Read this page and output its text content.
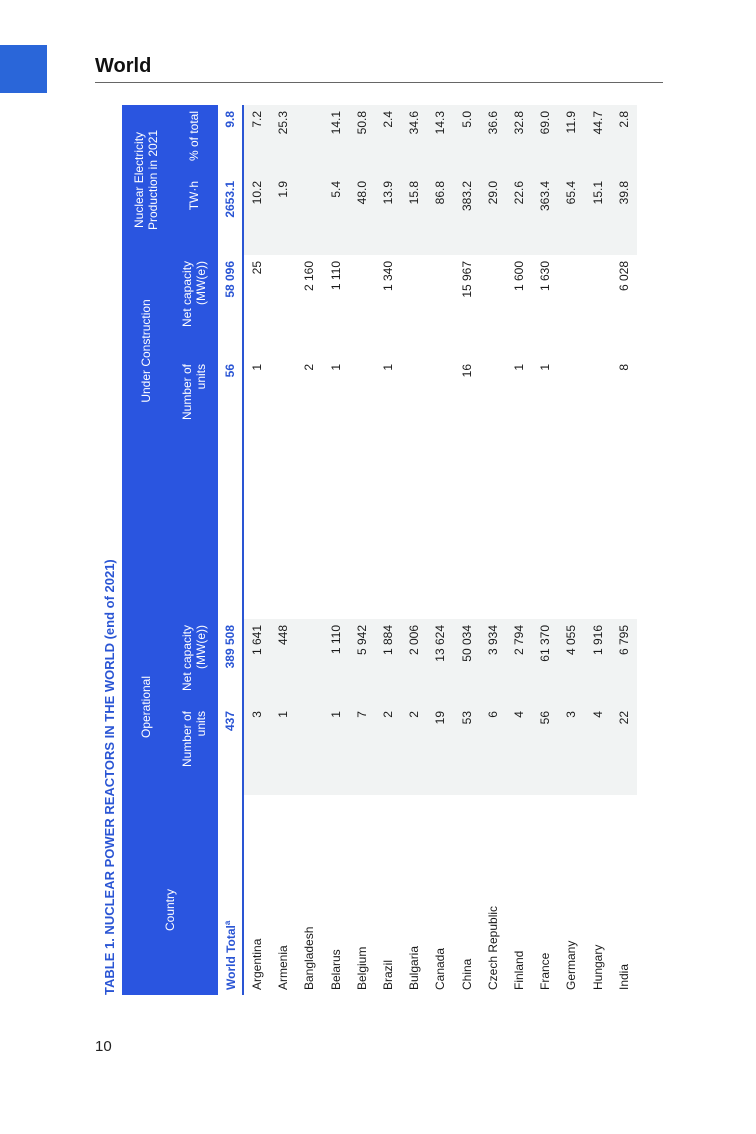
World
10
TABLE 1. NUCLEAR POWER REACTORS IN THE WORLD (end of 2021)	Country	Operational			Under Construction		Nuclear Electricity Production in 2021	
	Number of units	Net capacity (MW(e))		Number of units	Net capacity (MW(e))	TW·h	% of total
World Total$^a$	437	389 508		56	58 096	2653.1	9.8
Argentina	3	1 641		1	25	10.2	7.2
Armenia	1	448				1.9	25.3
Bangladesh				2	2 160		
Belarus	1	1 110		1	1 110	5.4	14.1
Belgium	7	5 942				48.0	50.8
Brazil	2	1 884		1	1 340	13.9	2.4
Bulgaria	2	2 006				15.8	34.6
Canada	19	13 624				86.8	14.3
China	53	50 034		16	15 967	383.2	5.0
Czech Republic	6	3 934				29.0	36.6
Finland	4	2 794		1	1 600	22.6	32.8
France	56	61 370		1	1 630	363.4	69.0
Germany	3	4 055				65.4	11.9
Hungary	4	1 916				15.1	44.7
India	22	6 795		8	6 028	39.8	2.8
